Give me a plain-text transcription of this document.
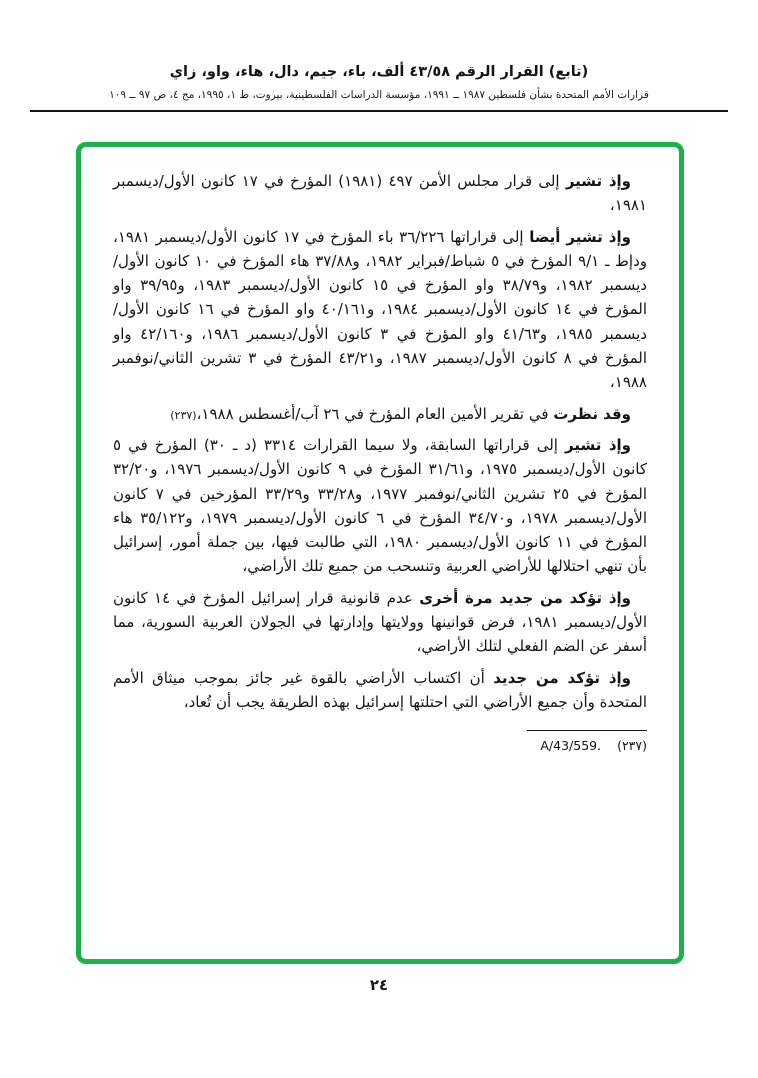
(تابع) القرار الرقم ٤٣/٥٨ ألف، باء، جيم، دال، هاء، واو، زاي
قرارات الأمم المتحدة بشأن فلسطين ١٩٨٧ ــ ١٩٩١، مؤسسة الدراسات الفلسطينية، بيروت، ط ١، ١٩٩٥، مج ٤، ص ٩٧ ــ ١٠٩

وإذ تشير إلى قرار مجلس الأمن ٤٩٧ (١٩٨١) المؤرخ في ١٧ كانون الأول/ديسمبر ١٩٨١،

وإذ تشير أيضا إلى قراراتها ٣٦/٢٢٦ باء المؤرخ في ١٧ كانون الأول/ديسمبر ١٩٨١، ودإط ـ ٩/١ المؤرخ في ٥ شباط/فبراير ١٩٨٢، و٣٧/٨٨ هاء المؤرخ في ١٠ كانون الأول/ديسمبر ١٩٨٢، و٣٨/٧٩ واو المؤرخ في ١٥ كانون الأول/ديسمبر ١٩٨٣، و٣٩/٩٥ واو المؤرخ في ١٤ كانون الأول/ديسمبر ١٩٨٤، و٤٠/١٦١ واو المؤرخ في ١٦ كانون الأول/ديسمبر ١٩٨٥، و٤١/٦٣ واو المؤرخ في ٣ كانون الأول/ديسمبر ١٩٨٦، و٤٢/١٦٠ واو المؤرخ في ٨ كانون الأول/ديسمبر ١٩٨٧، و٤٣/٢١ المؤرخ في ٣ تشرين الثاني/نوفمبر ١٩٨٨،

وقد نظرت في تقرير الأمين العام المؤرخ في ٢٦ آب/أغسطس ١٩٨٨،(٢٣٧)

وإذ تشير إلى قراراتها السابقة، ولا سيما القرارات ٣٣١٤ (د ـ ٣٠) المؤرخ في ٥ كانون الأول/ديسمبر ١٩٧٥، و٣١/٦١ المؤرخ في ٩ كانون الأول/ديسمبر ١٩٧٦، و٣٢/٢٠ المؤرخ في ٢٥ تشرين الثاني/نوفمبر ١٩٧٧، و٣٣/٢٨ و٣٣/٢٩ المؤرخين في ٧ كانون الأول/ديسمبر ١٩٧٨، و٣٤/٧٠ المؤرخ في ٦ كانون الأول/ديسمبر ١٩٧٩، و٣٥/١٢٢ هاء المؤرخ في ١١ كانون الأول/ديسمبر ١٩٨٠، التي طالبت فيها، بين جملة أمور، إسرائيل بأن تنهي احتلالها للأراضي العربية وتنسحب من جميع تلك الأراضي،

وإذ تؤكد من جديد مرة أخرى عدم قانونية قرار إسرائيل المؤرخ في ١٤ كانون الأول/ديسمبر ١٩٨١، فرض قوانينها وولايتها وإدارتها في الجولان العربية السورية، مما أسفر عن الضم الفعلي لتلك الأراضي،

وإذ تؤكد من جديد أن اكتساب الأراضي بالقوة غير جائز بموجب ميثاق الأمم المتحدة وأن جميع الأراضي التي احتلتها إسرائيل بهذه الطريقة يجب أن تُعاد،

(٢٣٧) A/43/559.
٢٤
